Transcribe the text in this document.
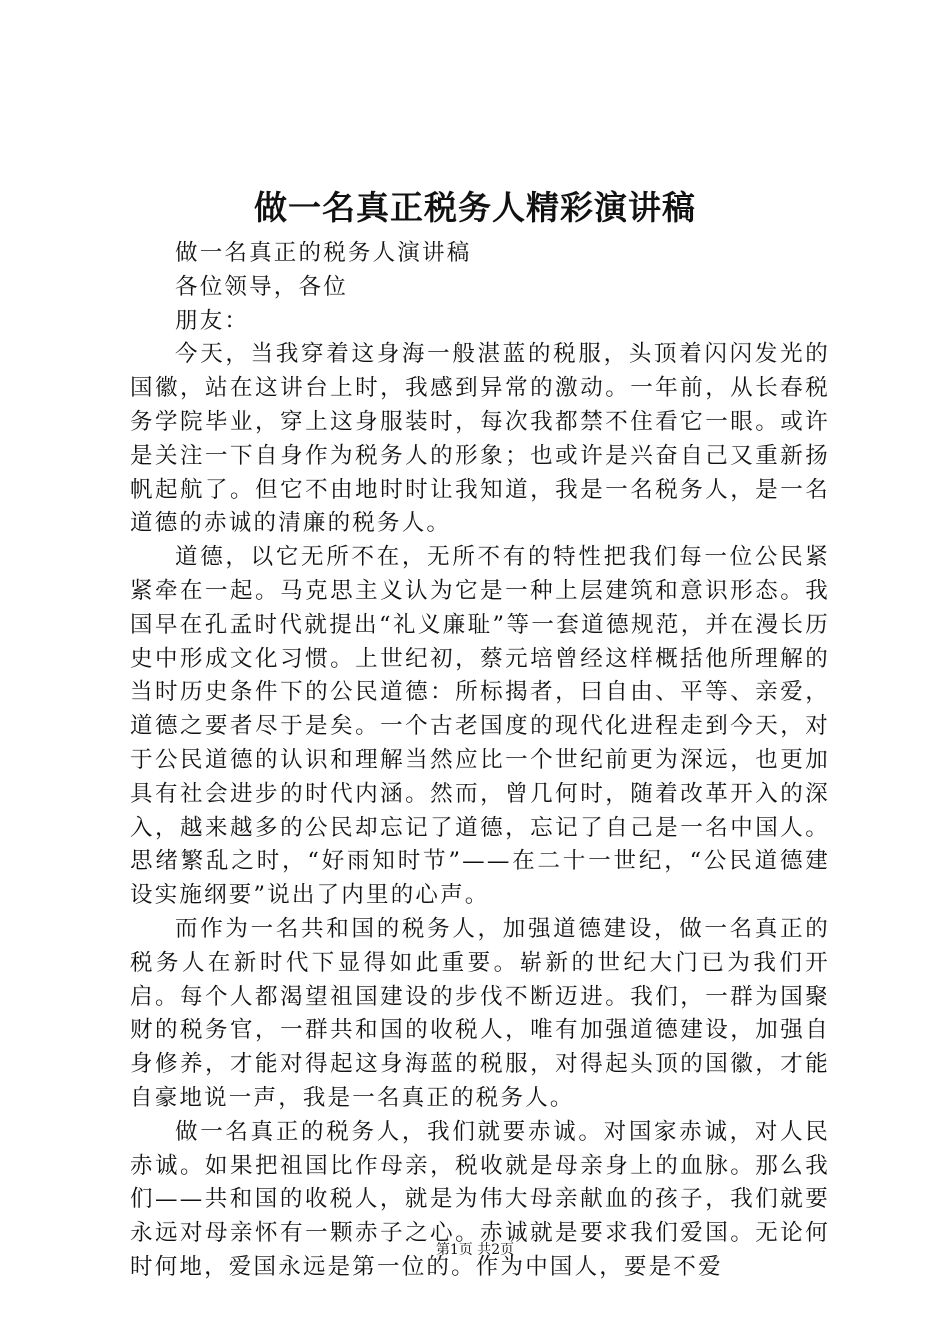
做一名真正税务人精彩演讲稿

做一名真正的税务人演讲稿

各位领导，各位

朋友：

今天，当我穿着这身海一般湛蓝的税服，头顶着闪闪发光的国徽，站在这讲台上时，我感到异常的激动。一年前，从长春税务学院毕业，穿上这身服装时，每次我都禁不住看它一眼。或许是关注一下自身作为税务人的形象；也或许是兴奋自己又重新扬帆起航了。但它不由地时时让我知道，我是一名税务人，是一名道德的赤诚的清廉的税务人。

道德，以它无所不在，无所不有的特性把我们每一位公民紧紧牵在一起。马克思主义认为它是一种上层建筑和意识形态。我国早在孔孟时代就提出“礼义廉耻”等一套道德规范，并在漫长历史中形成文化习惯。上世纪初，蔡元培曾经这样概括他所理解的当时历史条件下的公民道德：所标揭者，曰自由、平等、亲爱，道德之要者尽于是矣。一个古老国度的现代化进程走到今天，对于公民道德的认识和理解当然应比一个世纪前更为深远，也更加具有社会进步的时代内涵。然而，曾几何时，随着改革开入的深入，越来越多的公民却忘记了道德，忘记了自己是一名中国人。思绪繁乱之时，“好雨知时节”——在二十一世纪，“公民道德建设实施纲要”说出了内里的心声。

而作为一名共和国的税务人，加强道德建设，做一名真正的税务人在新时代下显得如此重要。崭新的世纪大门已为我们开启。每个人都渴望祖国建设的步伐不断迈进。我们，一群为国聚财的税务官，一群共和国的收税人，唯有加强道德建设，加强自身修养，才能对得起这身海蓝的税服，对得起头顶的国徽，才能自豪地说一声，我是一名真正的税务人。

做一名真正的税务人，我们就要赤诚。对国家赤诚，对人民赤诚。如果把祖国比作母亲，税收就是母亲身上的血脉。那么我们——共和国的收税人，就是为伟大母亲献血的孩子，我们就要永远对母亲怀有一颗赤子之心。赤诚就是要求我们爱国。无论何时何地，爱国永远是第一位的。作为中国人，要是不爱

第1页 共2页
